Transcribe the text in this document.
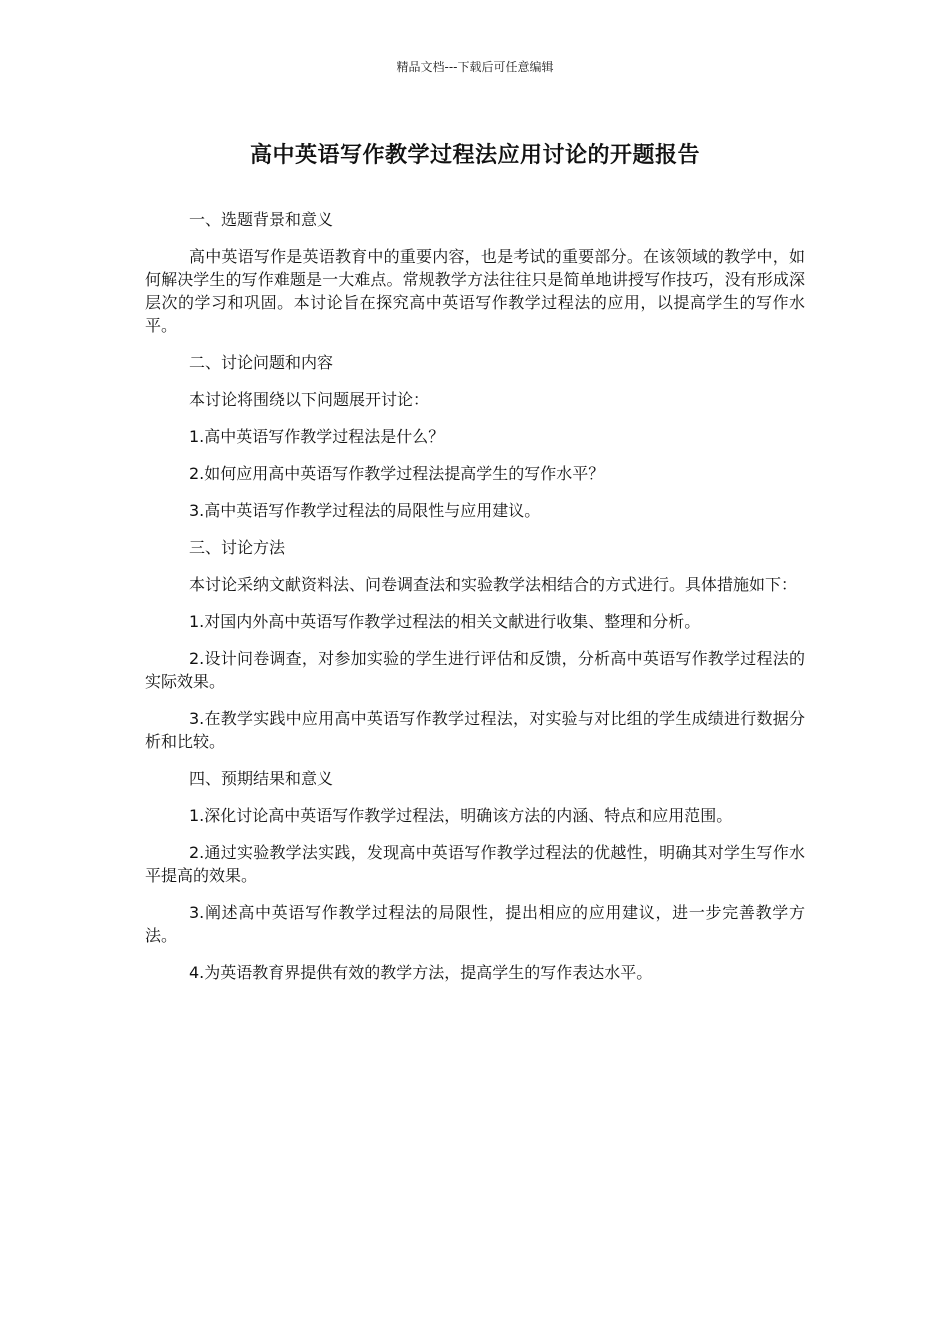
精品文档---下载后可任意编辑
高中英语写作教学过程法应用讨论的开题报告

一、选题背景和意义

高中英语写作是英语教育中的重要内容，也是考试的重要部分。在该领域的教学中，如何解决学生的写作难题是一大难点。常规教学方法往往只是简单地讲授写作技巧，没有形成深层次的学习和巩固。本讨论旨在探究高中英语写作教学过程法的应用，以提高学生的写作水平。

二、讨论问题和内容

本讨论将围绕以下问题展开讨论：

1.高中英语写作教学过程法是什么？

2.如何应用高中英语写作教学过程法提高学生的写作水平？

3.高中英语写作教学过程法的局限性与应用建议。

三、讨论方法

本讨论采纳文献资料法、问卷调查法和实验教学法相结合的方式进行。具体措施如下：

1.对国内外高中英语写作教学过程法的相关文献进行收集、整理和分析。

2.设计问卷调查，对参加实验的学生进行评估和反馈，分析高中英语写作教学过程法的实际效果。

3.在教学实践中应用高中英语写作教学过程法，对实验与对比组的学生成绩进行数据分析和比较。

四、预期结果和意义

1.深化讨论高中英语写作教学过程法，明确该方法的内涵、特点和应用范围。

2.通过实验教学法实践，发现高中英语写作教学过程法的优越性，明确其对学生写作水平提高的效果。

3.阐述高中英语写作教学过程法的局限性，提出相应的应用建议，进一步完善教学方法。

4.为英语教育界提供有效的教学方法，提高学生的写作表达水平。
